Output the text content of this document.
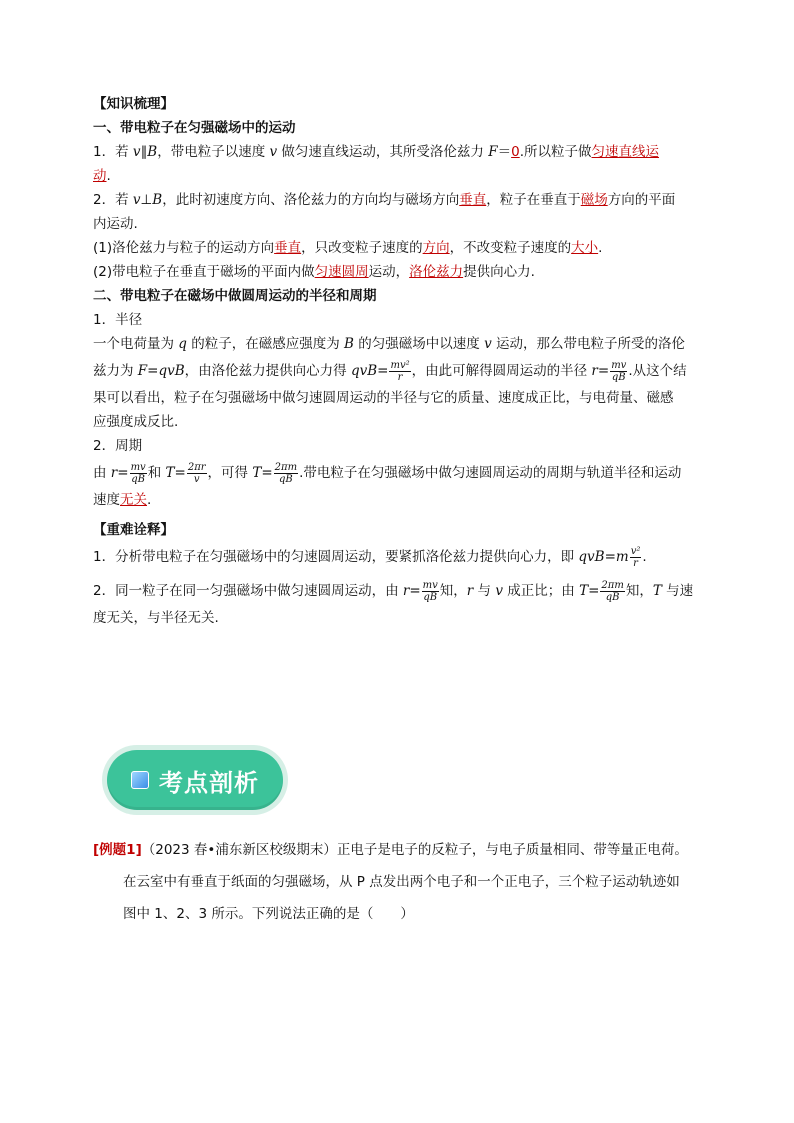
【知识梳理】
一、带电粒子在匀强磁场中的运动
1．若 v∥B，带电粒子以速度 v 做匀速直线运动，其所受洛伦兹力 F＝0.所以粒子做匀速直线运
动.
2．若 v⊥B，此时初速度方向、洛伦兹力的方向均与磁场方向垂直，粒子在垂直于磁场方向的平面
内运动.
(1)洛伦兹力与粒子的运动方向垂直，只改变粒子速度的方向，不改变粒子速度的大小.
(2)带电粒子在垂直于磁场的平面内做匀速圆周运动，洛伦兹力提供向心力.
二、带电粒子在磁场中做圆周运动的半径和周期
1．半径
一个电荷量为 q 的粒子，在磁感应强度为 B 的匀强磁场中以速度 v 运动，那么带电粒子所受的洛伦
兹力为 F=qvB，由洛伦兹力提供向心力得 $qvB= \frac{\text{mv²}}{r}$ ，由此可解得圆周运动的半径 $r= \frac{mv}{qB}$ .从这个结
果可以看出，粒子在匀强磁场中做匀速圆周运动的半径与它的质量、速度成正比，与电荷量、磁感
应强度成反比.
2．周期
由 $r= \frac{mv}{qB}$ 和 $T= \frac{2\pi r}{v}$ ，可得 $T= \frac{2\pi m}{qB}$ .带电粒子在匀强磁场中做匀速圆周运动的周期与轨道半径和运动
速度无关.
【重难诠释】
1．分析带电粒子在匀强磁场中的匀速圆周运动，要紧抓洛伦兹力提供向心力，即 $qvB=m \frac{\text{v²}}{r}$ .
2．同一粒子在同一匀强磁场中做匀速圆周运动，由 $r= \frac{mv}{qB}$ 知，r 与 v 成正比；由 $T= \frac{2\pi m}{qB}$ 知，T 与速
度无关，与半径无关.
考点剖析
[例题1]（2023 春•浦东新区校级期末）正电子是电子的反粒子，与电子质量相同、带等量正电荷。
在云室中有垂直于纸面的匀强磁场，从 P 点发出两个电子和一个正电子，三个粒子运动轨迹如
图中 1、2、3 所示。下列说法正确的是（　　）
